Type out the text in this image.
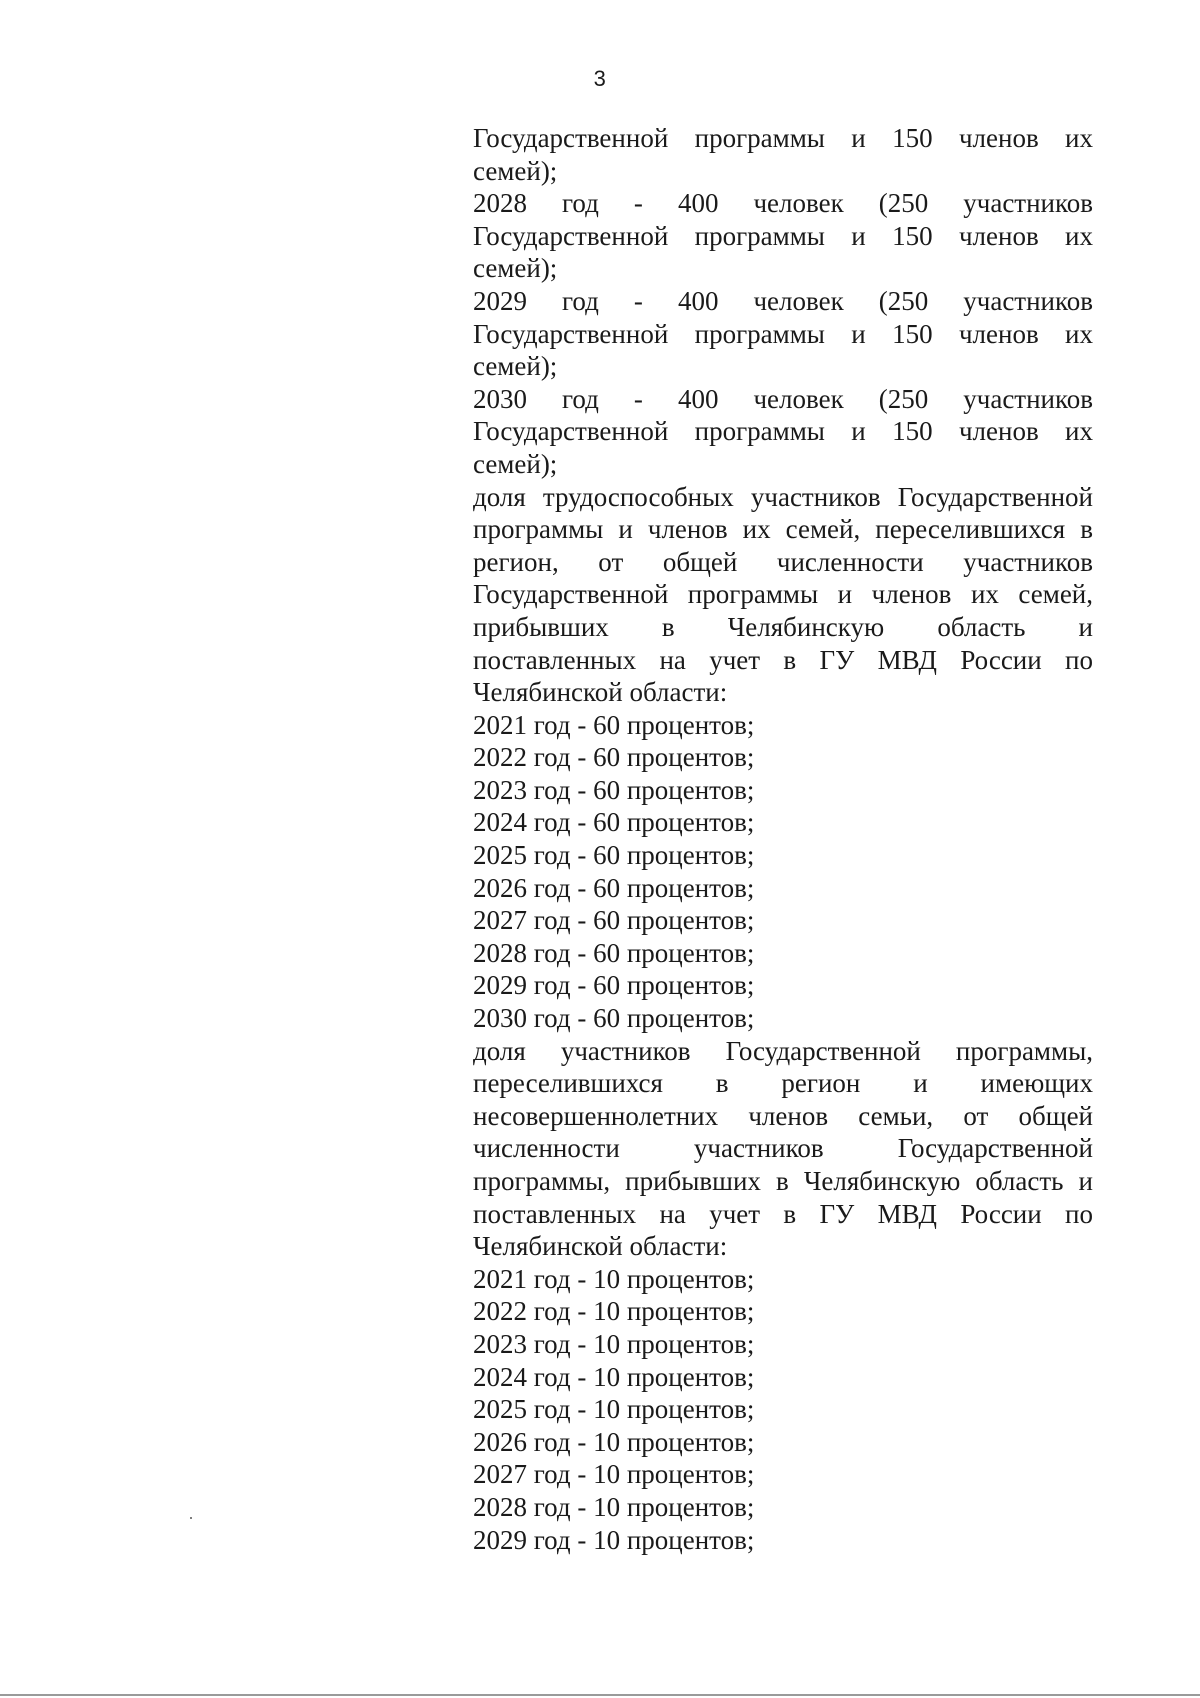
3
Государственной программы и 150 членов их
семей);
2028 год - 400 человек (250 участников
Государственной программы и 150 членов их
семей);
2029 год - 400 человек (250 участников
Государственной программы и 150 членов их
семей);
2030 год - 400 человек (250 участников
Государственной программы и 150 членов их
семей);
доля трудоспособных участников Государственной
программы и членов их семей, переселившихся в
регион, от общей численности участников
Государственной программы и членов их семей,
прибывших в Челябинскую область и
поставленных на учет в ГУ МВД России по
Челябинской области:
2021 год - 60 процентов;
2022 год - 60 процентов;
2023 год - 60 процентов;
2024 год - 60 процентов;
2025 год - 60 процентов;
2026 год - 60 процентов;
2027 год - 60 процентов;
2028 год - 60 процентов;
2029 год - 60 процентов;
2030 год - 60 процентов;
доля участников Государственной программы,
переселившихся в регион и имеющих
несовершеннолетних членов семьи, от общей
численности участников Государственной
программы, прибывших в Челябинскую область и
поставленных на учет в ГУ МВД России по
Челябинской области:
2021 год - 10 процентов;
2022 год - 10 процентов;
2023 год - 10 процентов;
2024 год - 10 процентов;
2025 год - 10 процентов;
2026 год - 10 процентов;
2027 год - 10 процентов;
2028 год - 10 процентов;
2029 год - 10 процентов;
